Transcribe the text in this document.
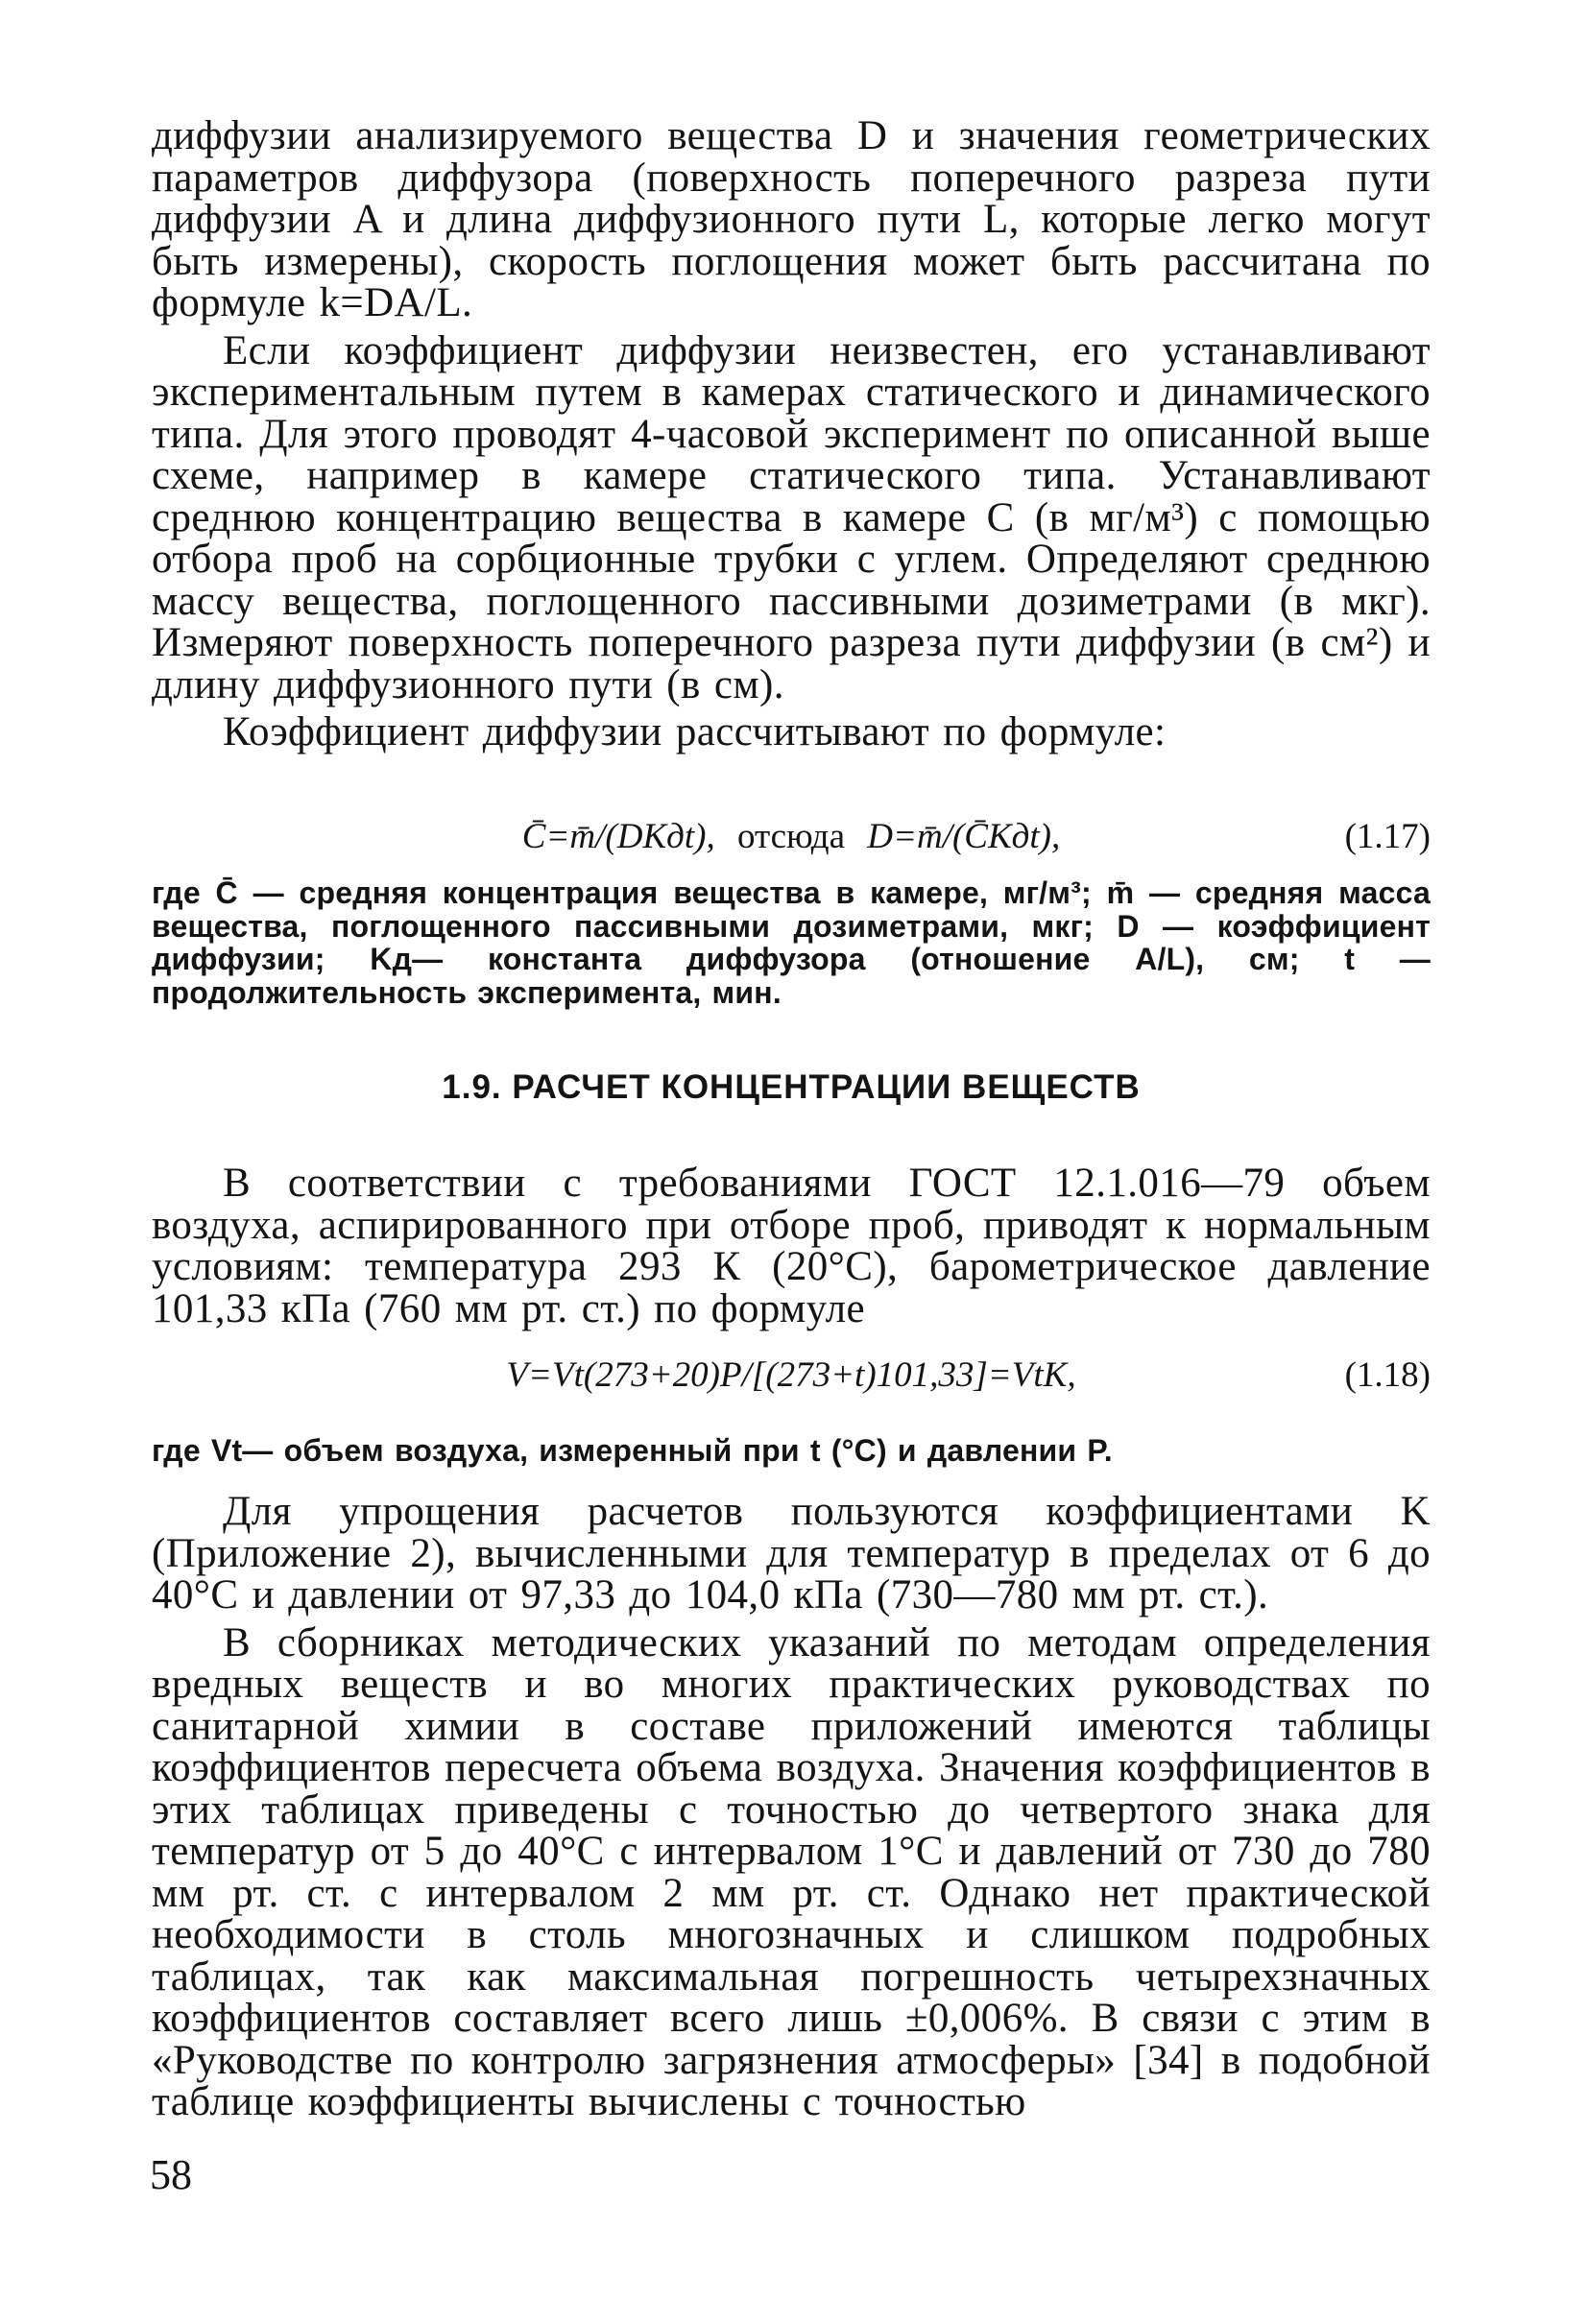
диффузии анализируемого вещества D и значения геометрических параметров диффузора (поверхность поперечного разреза пути диффузии A и длина диффузионного пути L, которые легко могут быть измерены), скорость поглощения может быть рассчитана по формуле k=DA/L.

Если коэффициент диффузии неизвестен, его устанавливают экспериментальным путем в камерах статического и динамического типа. Для этого проводят 4-часовой эксперимент по описанной выше схеме, например в камере статического типа. Устанавливают среднюю концентрацию вещества в камере C (в мг/м³) с помощью отбора проб на сорбционные трубки с углем. Определяют среднюю массу вещества, поглощенного пассивными дозиметрами (в мкг). Измеряют поверхность поперечного разреза пути диффузии (в см²) и длину диффузионного пути (в см).

Коэффициент диффузии рассчитывают по формуле:

C̄=m̄/(DKдt), отсюда D=m̄/(C̄Kдt),	(1.17)

где C̄ — средняя концентрация вещества в камере, мг/м³; m̄ — средняя масса вещества, поглощенного пассивными дозиметрами, мкг; D — коэффициент диффузии; Kд— константа диффузора (отношение A/L), см; t — продолжительность эксперимента, мин.

1.9. РАСЧЕТ КОНЦЕНТРАЦИИ ВЕЩЕСТВ

В соответствии с требованиями ГОСТ 12.1.016—79 объем воздуха, аспирированного при отборе проб, приводят к нормальным условиям: температура 293 К (20°С), барометрическое давление 101,33 кПа (760 мм рт. ст.) по формуле

V=Vt(273+20)P/[(273+t)101,33]=VtK,	(1.18)

где Vt— объем воздуха, измеренный при t (°С) и давлении P.

Для упрощения расчетов пользуются коэффициентами K (Приложение 2), вычисленными для температур в пределах от 6 до 40°С и давлении от 97,33 до 104,0 кПа (730—780 мм рт. ст.).

В сборниках методических указаний по методам определения вредных веществ и во многих практических руководствах по санитарной химии в составе приложений имеются таблицы коэффициентов пересчета объема воздуха. Значения коэффициентов в этих таблицах приведены с точностью до четвертого знака для температур от 5 до 40°С с интервалом 1°С и давлений от 730 до 780 мм рт. ст. с интервалом 2 мм рт. ст. Однако нет практической необходимости в столь многозначных и слишком подробных таблицах, так как максимальная погрешность четырехзначных коэффициентов составляет всего лишь ±0,006%. В связи с этим в «Руководстве по контролю загрязнения атмосферы» [34] в подобной таблице коэффициенты вычислены с точностью

58
